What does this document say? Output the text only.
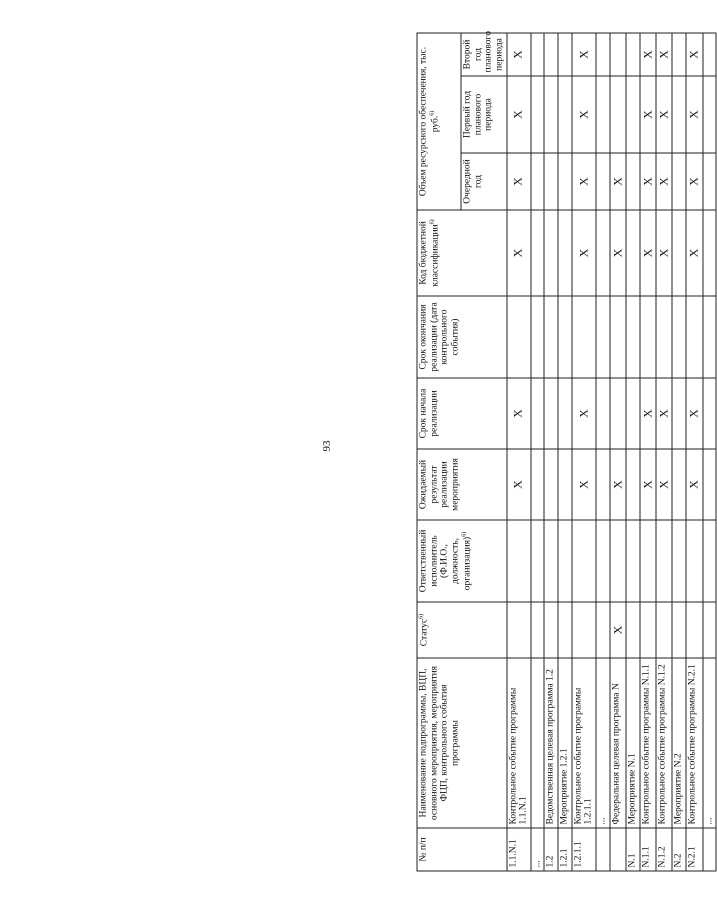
93
№ п/п	Наименование подпрограммы, ВЦП, основного мероприятия, мероприятия ФЦП, контрольного события программы	Статус$^{6)}$	Ответственный исполнитель (Ф.И.О., должность, организация)$^{6)}$	Ожидаемый результат реализации мероприятия	Срок начала реализации	Срок окончания реализации (дата контрольного события)	Код бюджетной классификации$^{6)}$	Объем ресурсного обеспечения, тыс. руб.$^{6)}$
								Очередной год	Первый год планового периода	Второй год планового периода
1.1.N.1	Контрольное событие программы 1.1.N.1			X	X		X	X	X	X
...										
1.2	Ведомственная целевая программа 1.2									
1.2.1	Мероприятие 1.2.1									
1.2.1.1	Контрольное событие программы 1.2.1.1			X	X		X	X	X	X
	...									
	Федеральная целевая программа N	X		X			X	X		
N.1	Мероприятие N.1									
N.1.1	Контрольное событие программы N.1.1			X	X		X	X	X	X
N.1.2	Контрольное событие программы N.1.2			X	X		X	X	X	X
N.2	Мероприятие N.2									
N.2.1	Контрольное событие программы N.2.1			X	X		X	X	X	X
	...									
